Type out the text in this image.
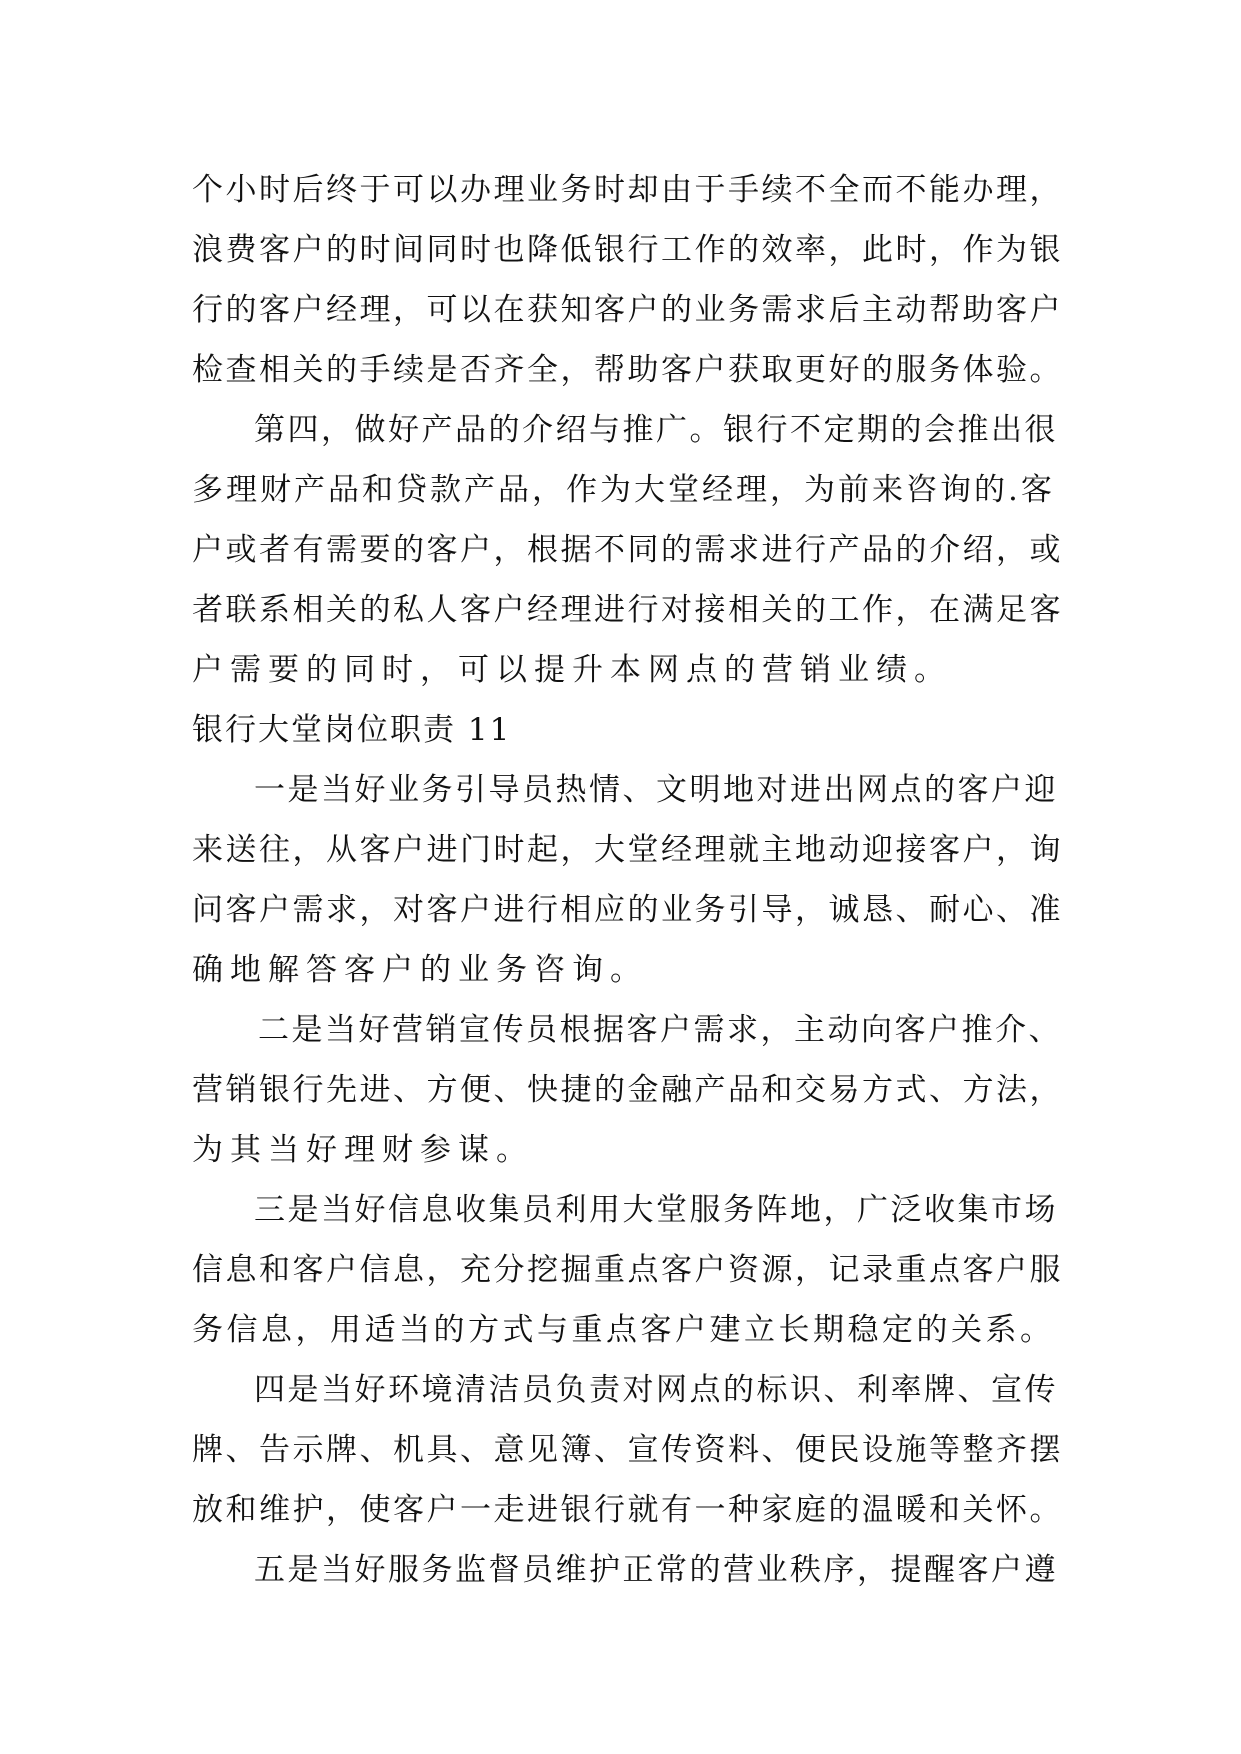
个小时后终于可以办理业务时却由于手续不全而不能办理，
浪费客户的时间同时也降低银行工作的效率，此时，作为银
行的客户经理，可以在获知客户的业务需求后主动帮助客户
检查相关的手续是否齐全，帮助客户获取更好的服务体验。
第四，做好产品的介绍与推广。银行不定期的会推出很
多理财产品和贷款产品，作为大堂经理，为前来咨询的.客
户或者有需要的客户，根据不同的需求进行产品的介绍，或
者联系相关的私人客户经理进行对接相关的工作，在满足客
户需要的同时，可以提升本网点的营销业绩。
银行大堂岗位职责 11
一是当好业务引导员热情、文明地对进出网点的客户迎
来送往，从客户进门时起，大堂经理就主地动迎接客户，询
问客户需求，对客户进行相应的业务引导，诚恳、耐心、准
确地解答客户的业务咨询。
二是当好营销宣传员根据客户需求，主动向客户推介、
营销银行先进、方便、快捷的金融产品和交易方式、方法，
为其当好理财参谋。
三是当好信息收集员利用大堂服务阵地，广泛收集市场
信息和客户信息，充分挖掘重点客户资源，记录重点客户服
务信息，用适当的方式与重点客户建立长期稳定的关系。
四是当好环境清洁员负责对网点的标识、利率牌、宣传
牌、告示牌、机具、意见簿、宣传资料、便民设施等整齐摆
放和维护，使客户一走进银行就有一种家庭的温暖和关怀。
五是当好服务监督员维护正常的营业秩序，提醒客户遵
